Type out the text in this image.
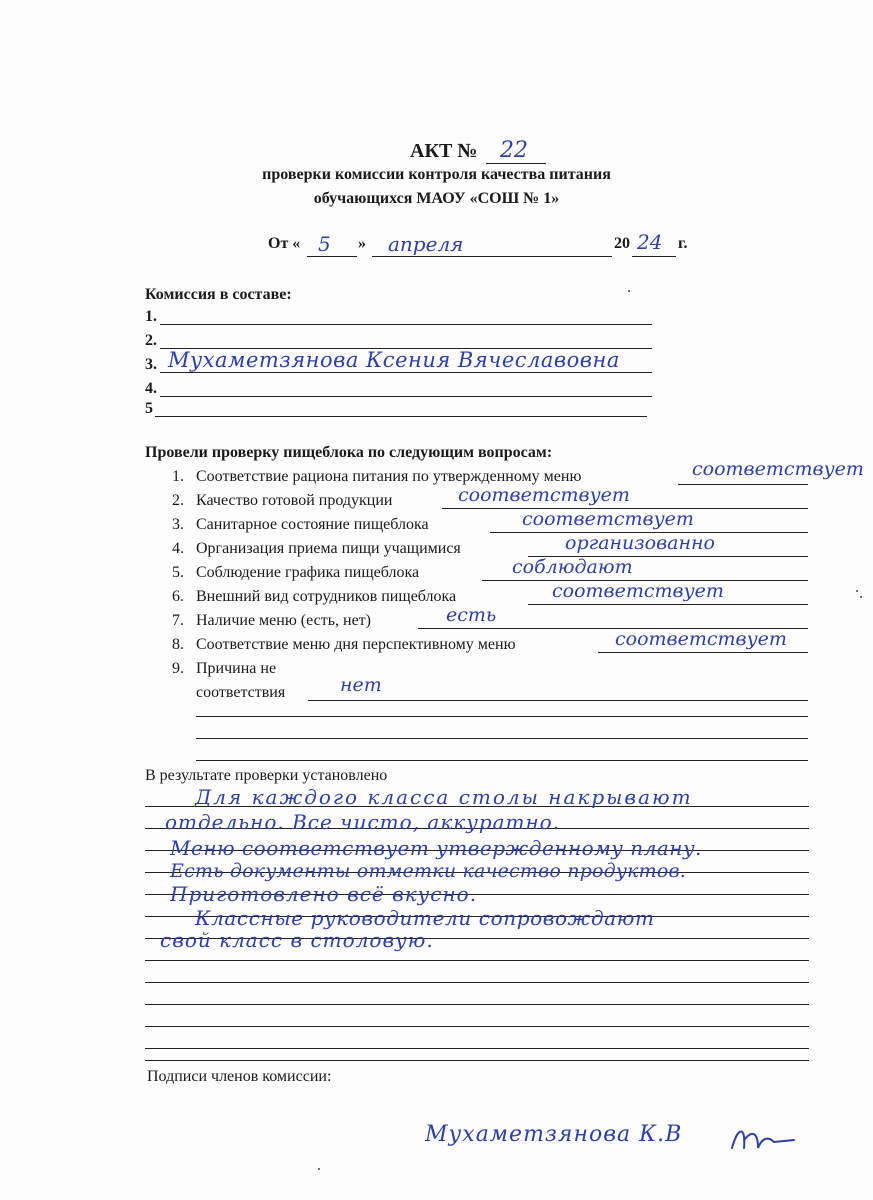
АКТ № 22
проверки комиссии контроля качества питания
обучающихся МАОУ «СОШ № 1»
От « 5 » апреля	20 24 г.
Комиссия в составе:
1.
2.
3. Мухаметзянова Ксения Вячеславовна
4.
5
Провели проверку пищеблока по следующим вопросам:
1. Соответствие рациона питания по утвержденному меню	соответствует
2. Качество готовой продукции	соответствует
3. Санитарное состояние пищеблока	соответствует
4. Организация приема пищи учащимися	организованно
5. Соблюдение графика пищеблока	соблюдают
6. Внешний вид сотрудников пищеблока	соответствует
7. Наличие меню (есть, нет)	есть
8. Соответствие меню дня перспективному меню	соответствует
9. Причина не
соответствия	нет
В результате проверки установлено
Для каждого класса столы накрывают
отдельно. Все чисто, аккуратно.
Меню соответствует утвержденному плану.
Есть документы отметки качество продуктов.
Приготовлено всё вкусно.
Классные руководители сопровождают
свой класс в столовую.
Подписи членов комиссии:
Мухаметзянова К.В
